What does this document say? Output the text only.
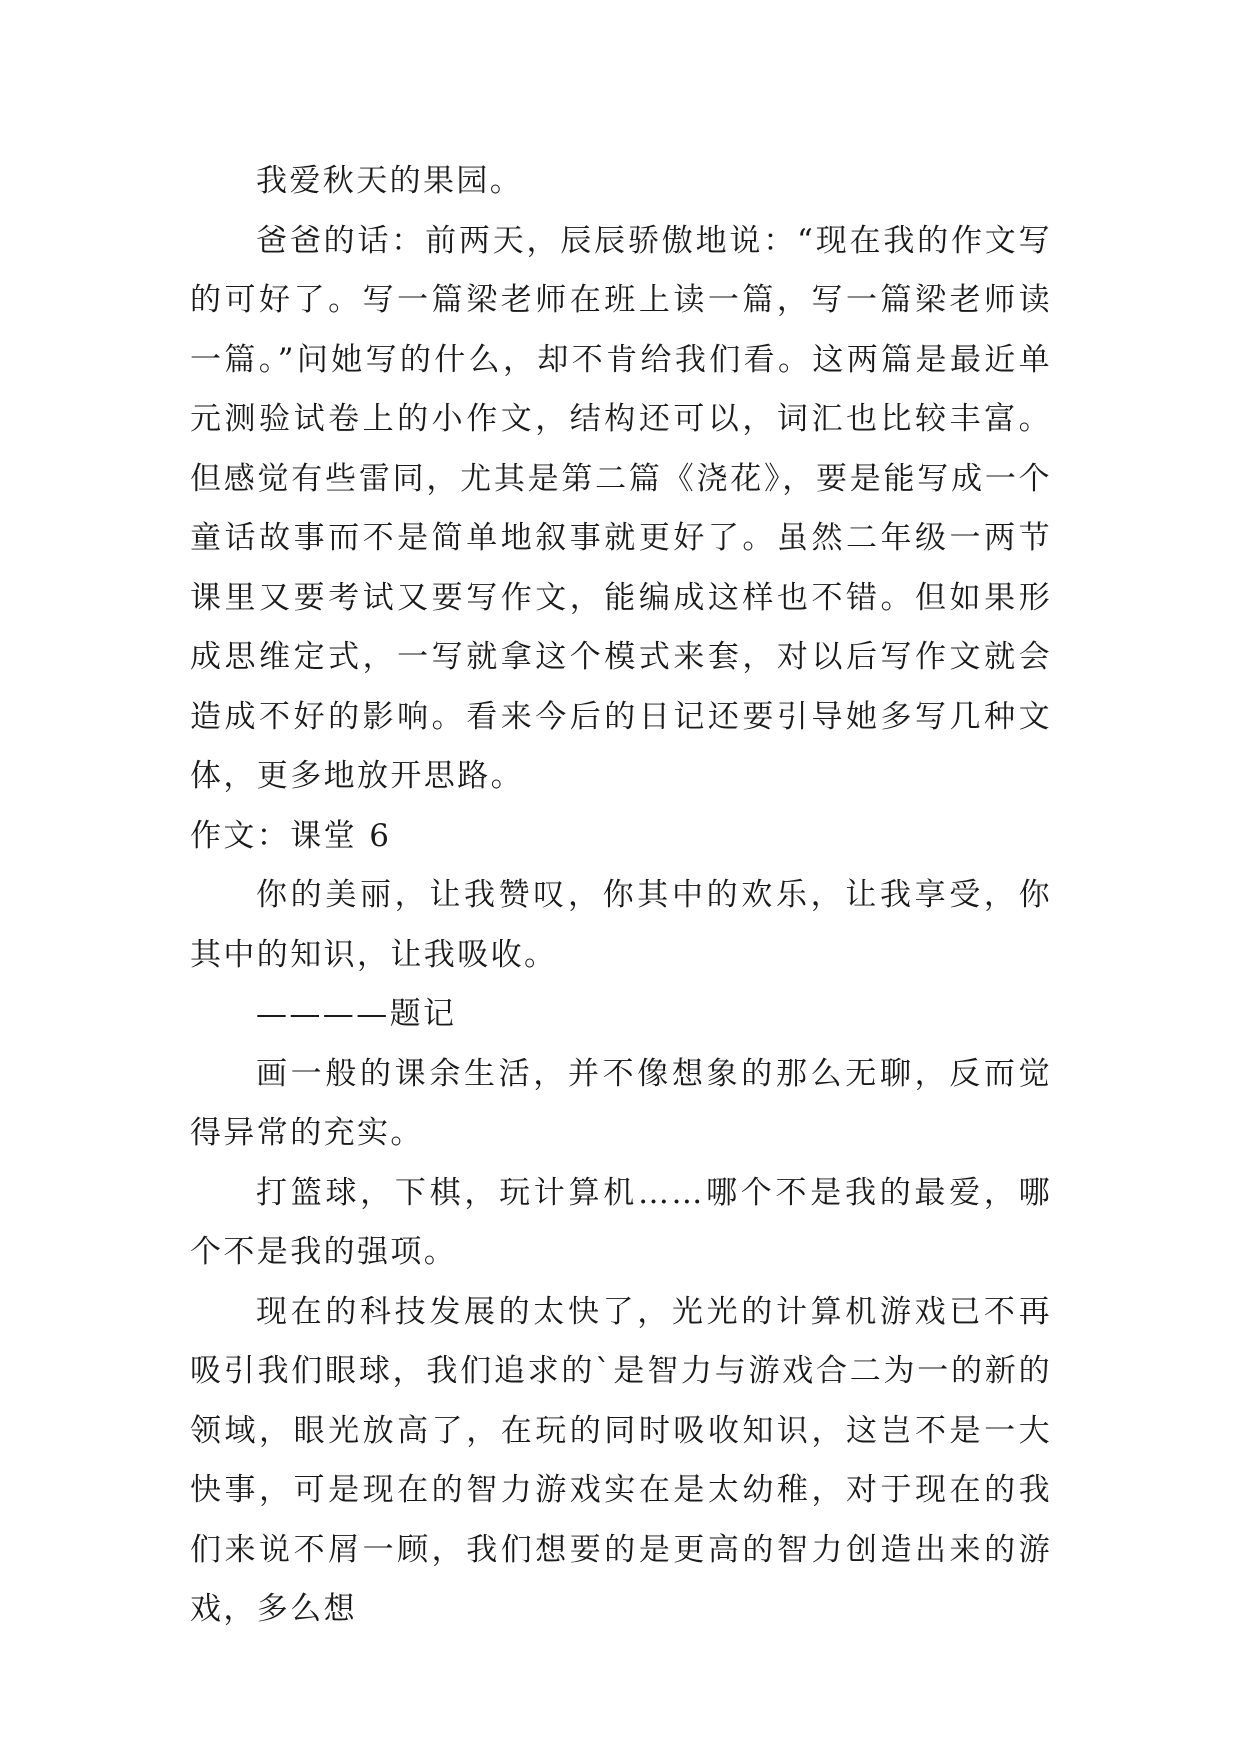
我爱秋天的果园。

爸爸的话：前两天，辰辰骄傲地说：“现在我的作文写的可好了。写一篇梁老师在班上读一篇，写一篇梁老师读一篇。”问她写的什么，却不肯给我们看。这两篇是最近单元测验试卷上的小作文，结构还可以，词汇也比较丰富。但感觉有些雷同，尤其是第二篇《浇花》，要是能写成一个童话故事而不是简单地叙事就更好了。虽然二年级一两节课里又要考试又要写作文，能编成这样也不错。但如果形成思维定式，一写就拿这个模式来套，对以后写作文就会造成不好的影响。看来今后的日记还要引导她多写几种文体，更多地放开思路。

作文：课堂 6

你的美丽，让我赞叹，你其中的欢乐，让我享受，你其中的知识，让我吸收。

————题记

画一般的课余生活，并不像想象的那么无聊，反而觉得异常的充实。

打篮球，下棋，玩计算机……哪个不是我的最爱，哪个不是我的强项。

现在的科技发展的太快了，光光的计算机游戏已不再吸引我们眼球，我们追求的`是智力与游戏合二为一的新的领域，眼光放高了，在玩的同时吸收知识，这岂不是一大快事，可是现在的智力游戏实在是太幼稚，对于现在的我们来说不屑一顾，我们想要的是更高的智力创造出来的游戏，多么想
